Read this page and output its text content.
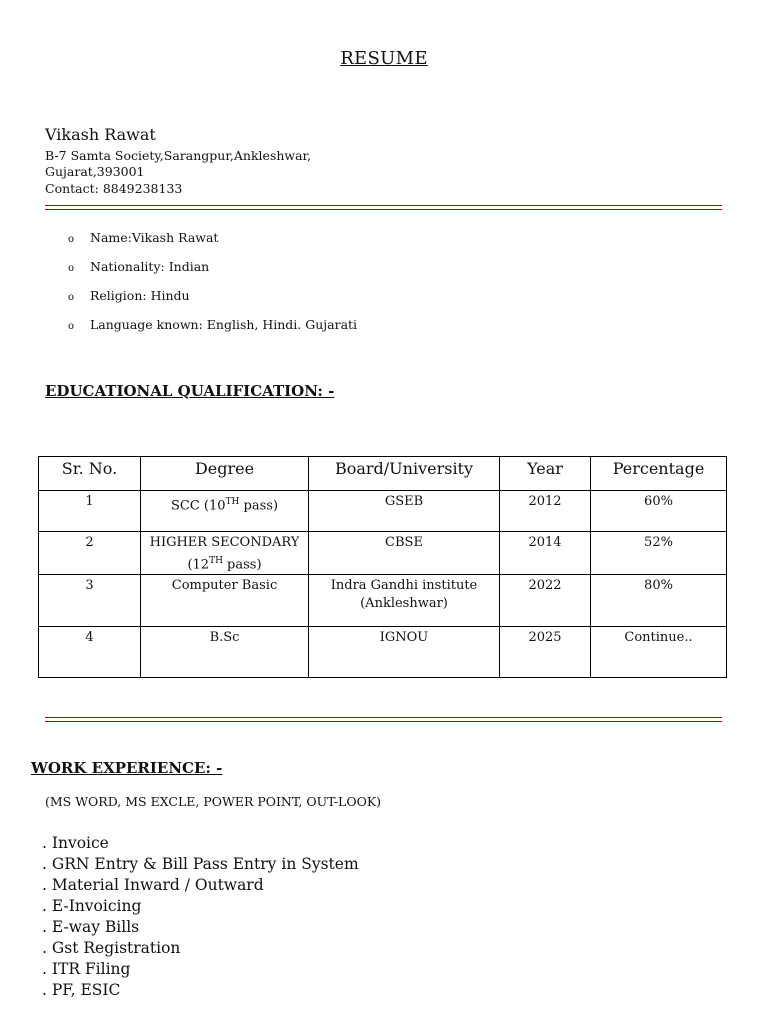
RESUME
Vikash Rawat
B-7 Samta Society,Sarangpur,Ankleshwar,
Gujarat,393001
Contact: 8849238133
o Name:Vikash Rawat
o Nationality: Indian
o Religion: Hindu
o Language known: English, Hindi. Gujarati
EDUCATIONAL QUALIFICATION: -
Sr. No.	Degree	Board/University	Year	Percentage
1	SCC (10TH pass)	GSEB	2012	60%
2	HIGHER SECONDARY
(12TH pass)	CBSE	2014	52%
3	Computer Basic	Indra Gandhi institute
(Ankleshwar)	2022	80%
4	B.Sc	IGNOU	2025	Continue..
WORK EXPERIENCE: -
(MS WORD, MS EXCLE, POWER POINT, OUT-LOOK)
. Invoice
. GRN Entry & Bill Pass Entry in System
. Material Inward / Outward
. E-Invoicing
. E-way Bills
. Gst Registration
. ITR Filing
. PF, ESIC
